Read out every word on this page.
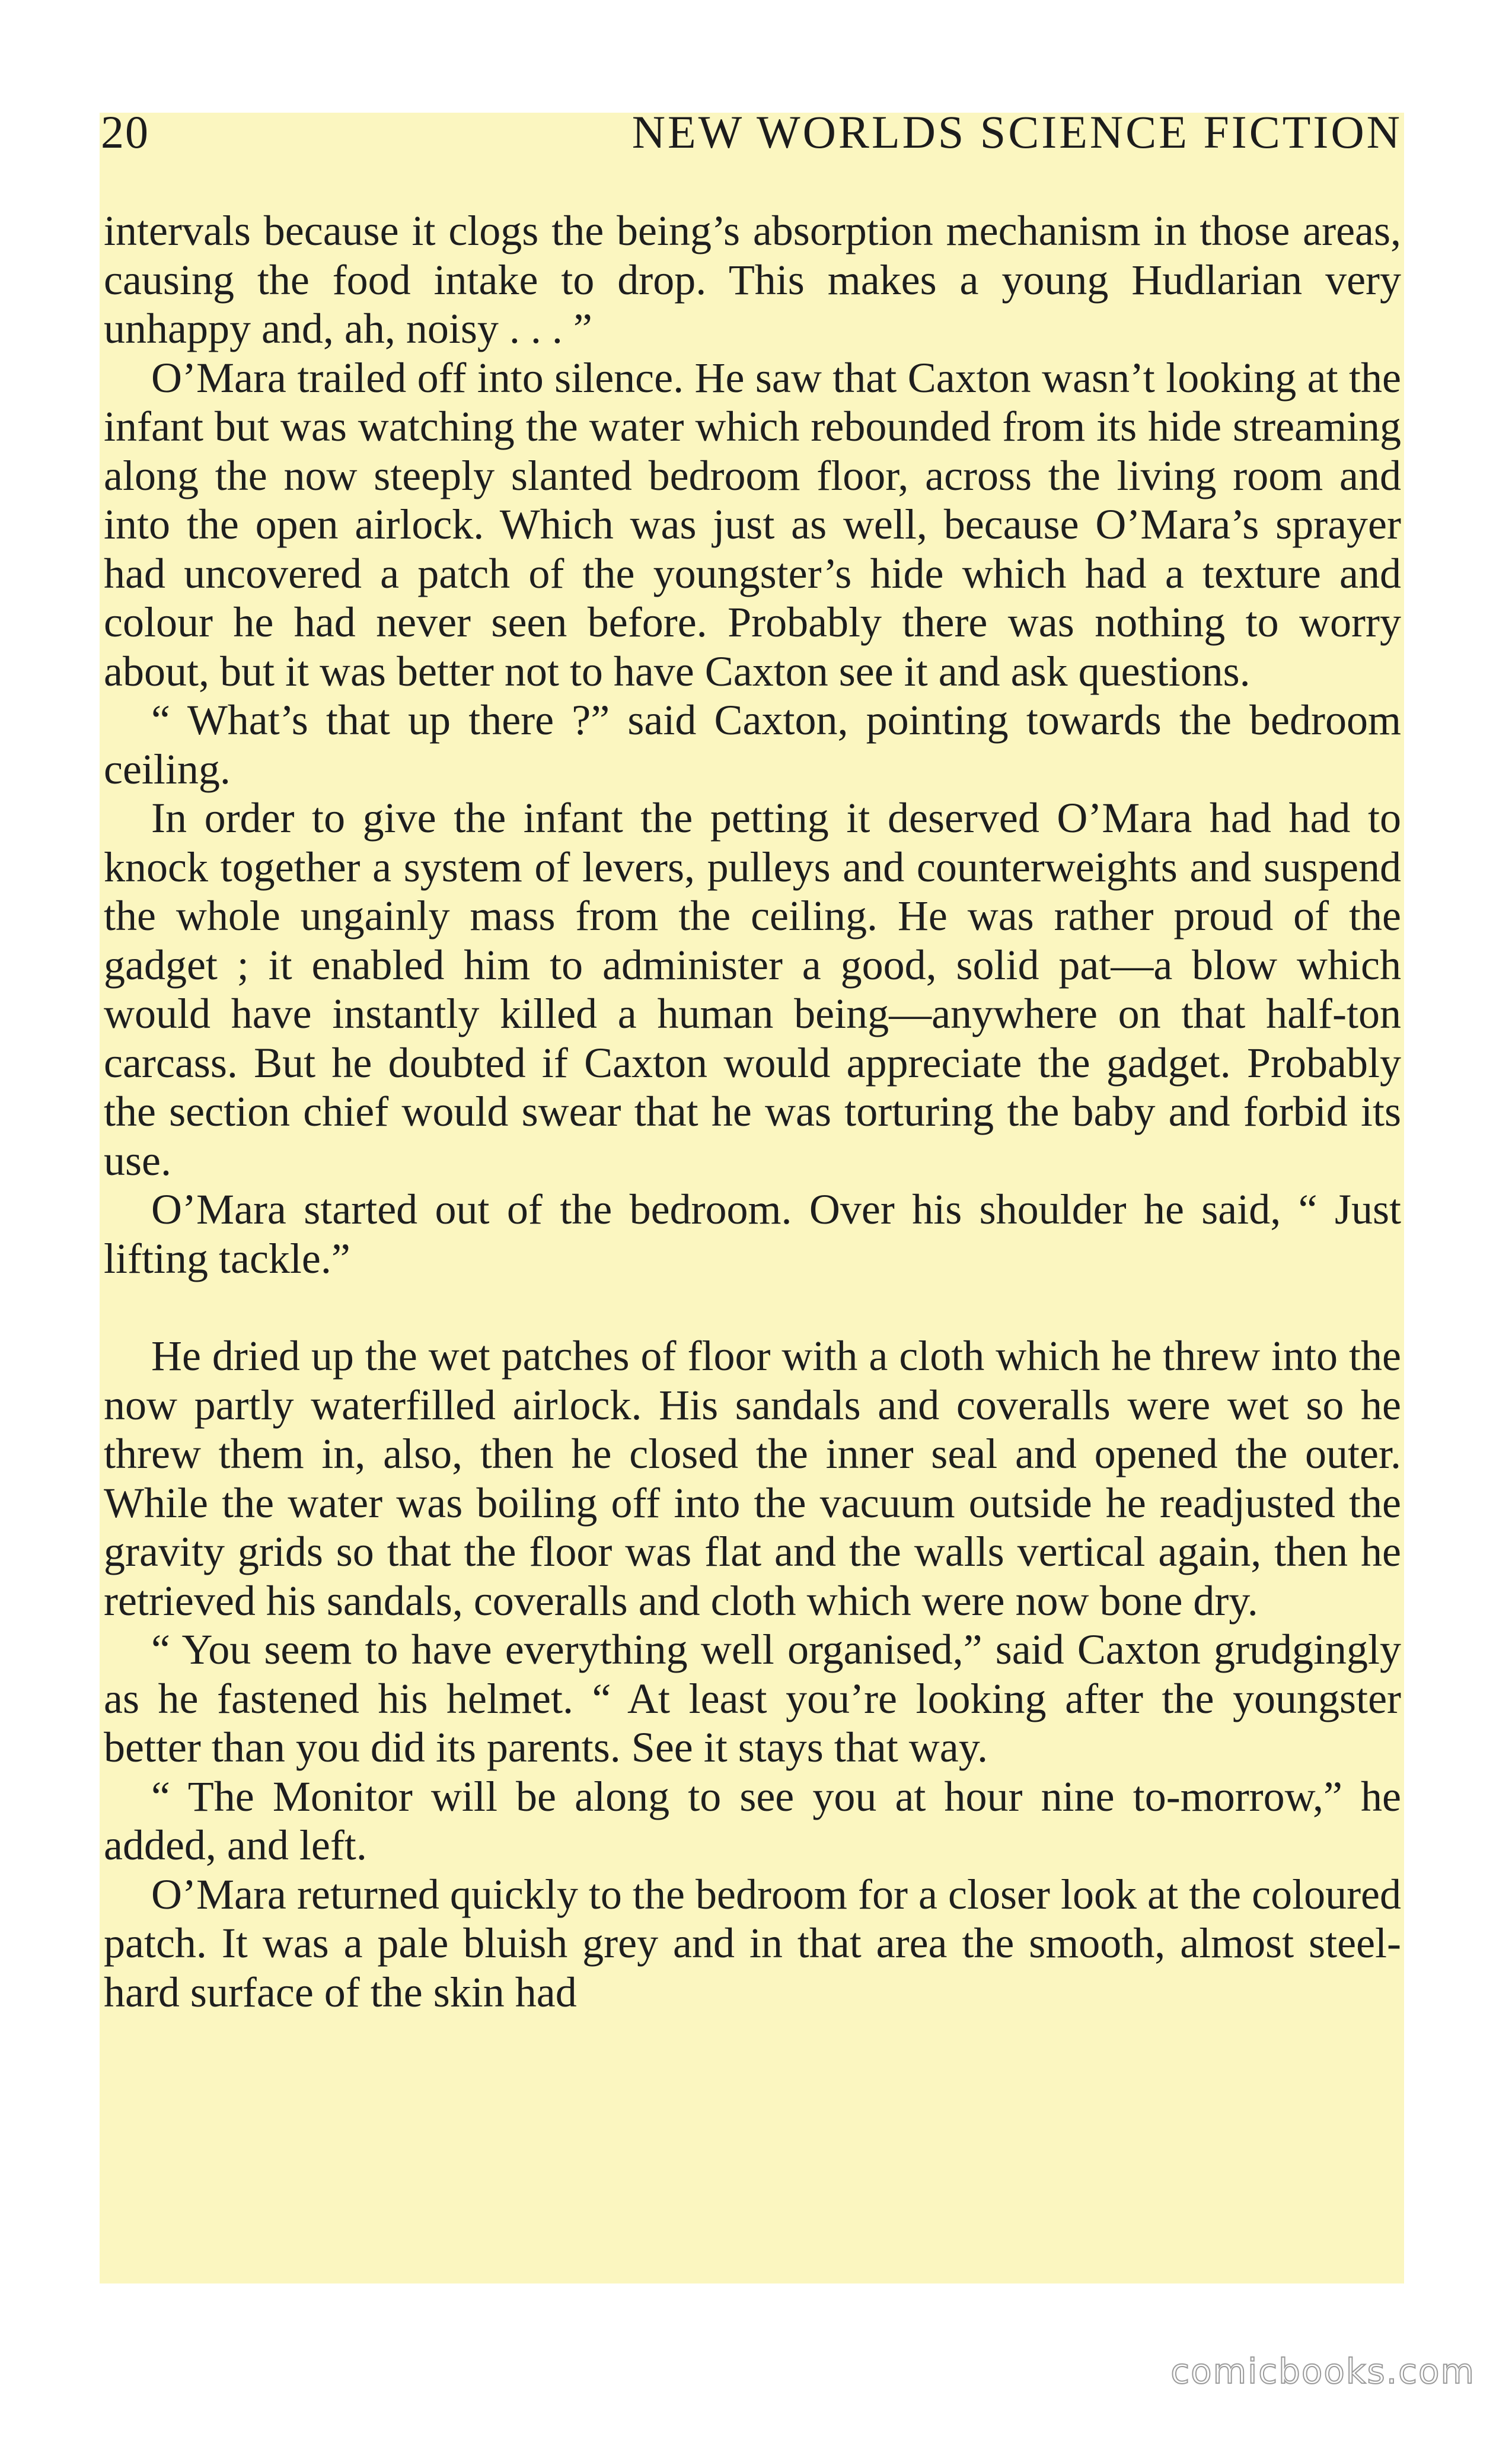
20	NEW WORLDS SCIENCE FICTION

intervals because it clogs the being’s absorption mechanism in those areas, causing the food intake to drop. This makes a young Hudlarian very unhappy and, ah, noisy . . . ”

O’Mara trailed off into silence. He saw that Caxton wasn’t looking at the infant but was watching the water which rebounded from its hide streaming along the now steeply slanted bedroom floor, across the living room and into the open airlock. Which was just as well, because O’Mara’s sprayer had uncovered a patch of the youngster’s hide which had a texture and colour he had never seen before. Probably there was nothing to worry about, but it was better not to have Caxton see it and ask questions.

“ What’s that up there ?” said Caxton, pointing towards the bedroom ceiling.

In order to give the infant the petting it deserved O’Mara had had to knock together a system of levers, pulleys and counterweights and suspend the whole ungainly mass from the ceiling. He was rather proud of the gadget ; it enabled him to administer a good, solid pat—a blow which would have instantly killed a human being—anywhere on that half-ton carcass. But he doubted if Caxton would appreciate the gadget. Probably the section chief would swear that he was torturing the baby and forbid its use.

O’Mara started out of the bedroom. Over his shoulder he said, “ Just lifting tackle.”

He dried up the wet patches of floor with a cloth which he threw into the now partly waterfilled airlock. His sandals and coveralls were wet so he threw them in, also, then he closed the inner seal and opened the outer. While the water was boiling off into the vacuum outside he readjusted the gravity grids so that the floor was flat and the walls vertical again, then he retrieved his sandals, coveralls and cloth which were now bone dry.

“ You seem to have everything well organised,” said Caxton grudgingly as he fastened his helmet. “ At least you’re looking after the youngster better than you did its parents. See it stays that way.

“ The Monitor will be along to see you at hour nine to-morrow,” he added, and left.

O’Mara returned quickly to the bedroom for a closer look at the coloured patch. It was a pale bluish grey and in that area the smooth, almost steel-hard surface of the skin had

comicbooks.com
